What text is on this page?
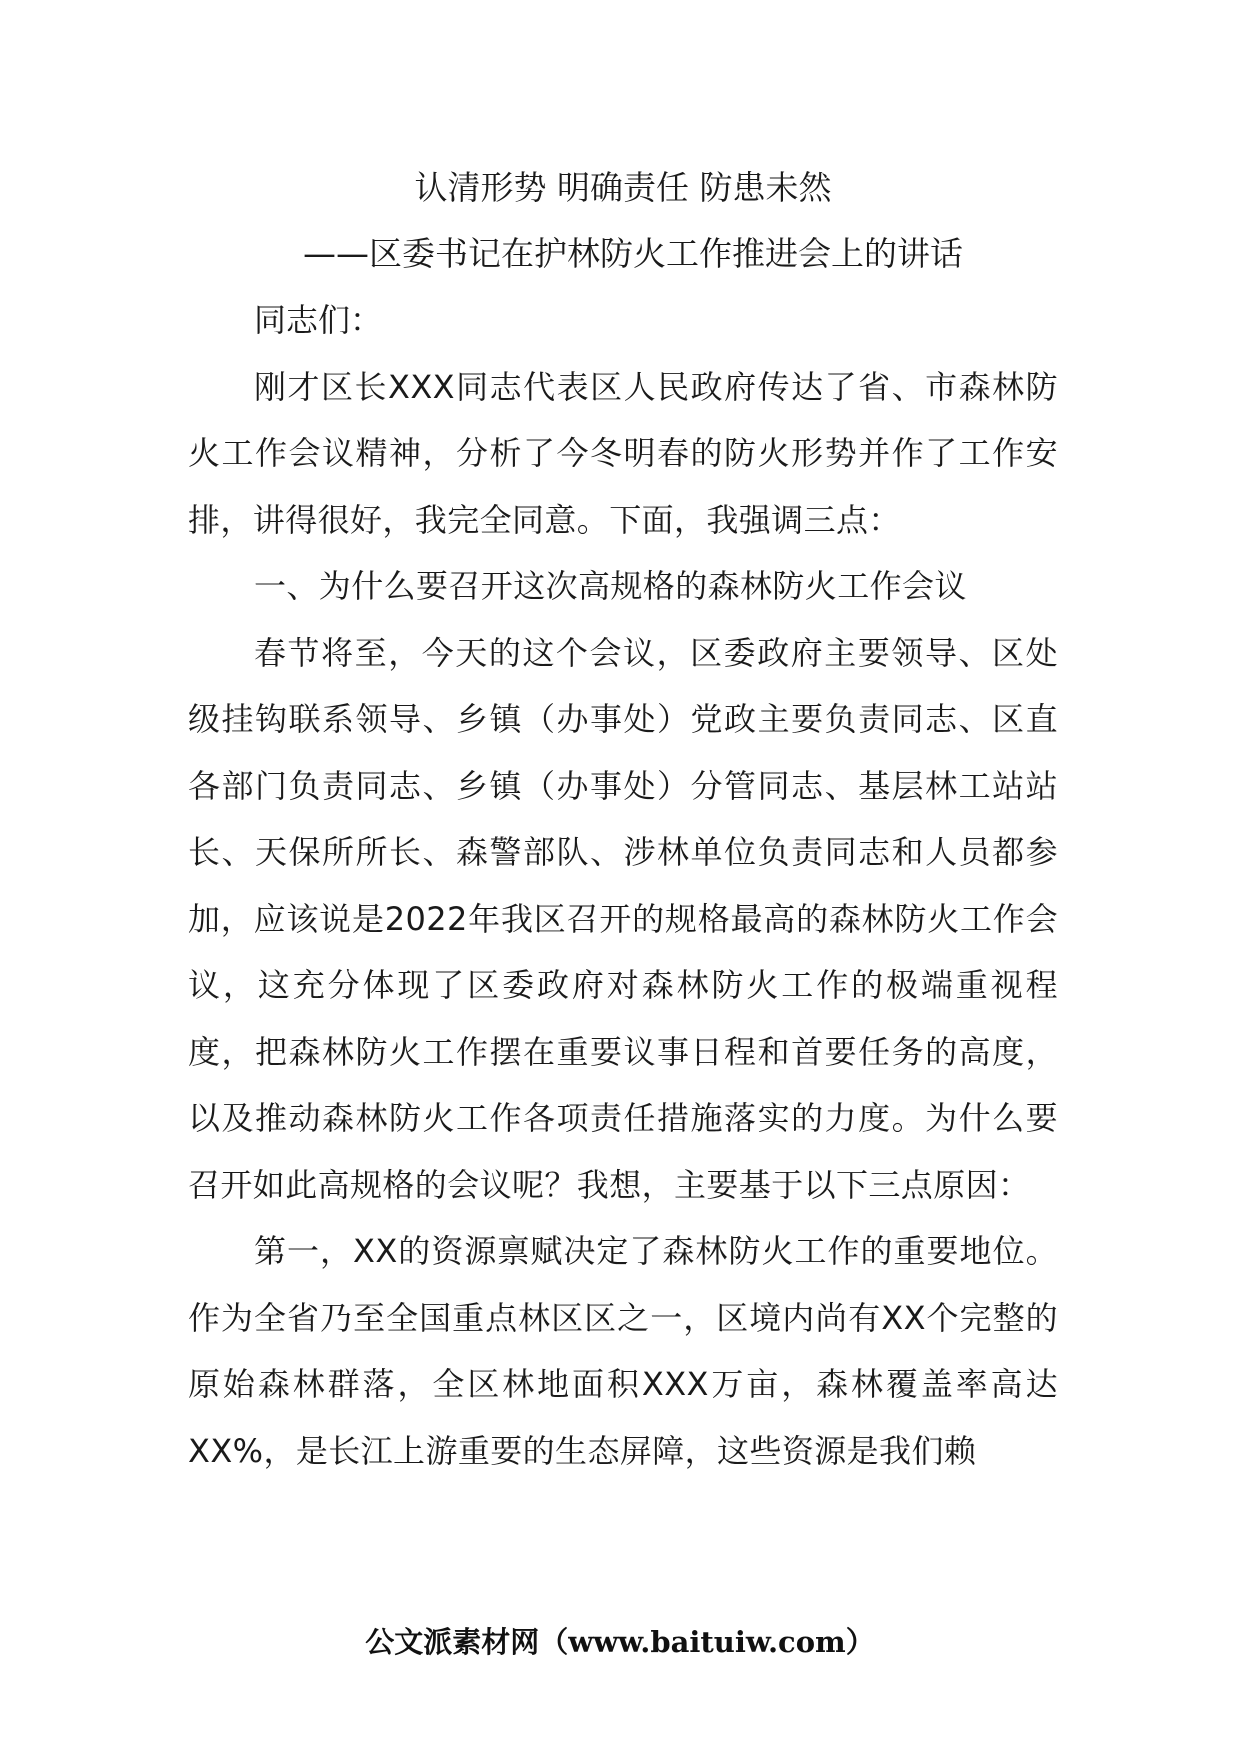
认清形势 明确责任 防患未然
——区委书记在护林防火工作推进会上的讲话

同志们：

刚才区长XXX同志代表区人民政府传达了省、市森林防火工作会议精神，分析了今冬明春的防火形势并作了工作安排，讲得很好，我完全同意。下面，我强调三点：

一、为什么要召开这次高规格的森林防火工作会议

春节将至，今天的这个会议，区委政府主要领导、区处级挂钩联系领导、乡镇（办事处）党政主要负责同志、区直各部门负责同志、乡镇（办事处）分管同志、基层林工站站长、天保所所长、森警部队、涉林单位负责同志和人员都参加，应该说是2022年我区召开的规格最高的森林防火工作会议，这充分体现了区委政府对森林防火工作的极端重视程度，把森林防火工作摆在重要议事日程和首要任务的高度，以及推动森林防火工作各项责任措施落实的力度。为什么要召开如此高规格的会议呢？我想，主要基于以下三点原因：

第一，XX的资源禀赋决定了森林防火工作的重要地位。作为全省乃至全国重点林区区之一，区境内尚有XX个完整的原始森林群落，全区林地面积XXX万亩，森林覆盖率高达XX%，是长江上游重要的生态屏障，这些资源是我们赖

公文派素材网（www.baituiw.com）
